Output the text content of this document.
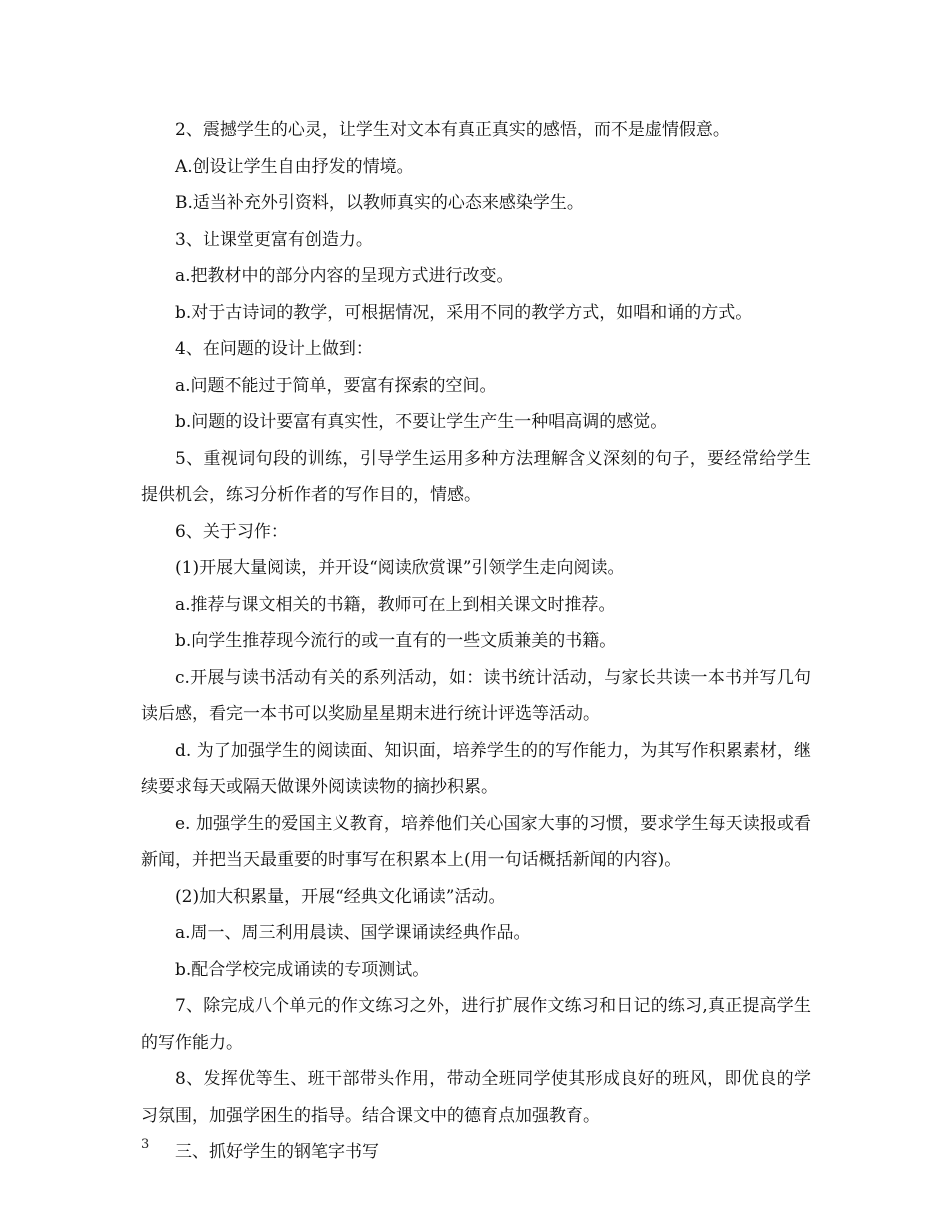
2、震撼学生的心灵，让学生对文本有真正真实的感悟，而不是虚情假意。

A.创设让学生自由抒发的情境。

B.适当补充外引资料，以教师真实的心态来感染学生。

3、让课堂更富有创造力。

a.把教材中的部分内容的呈现方式进行改变。

b.对于古诗词的教学，可根据情况，采用不同的教学方式，如唱和诵的方式。

4、在问题的设计上做到：

a.问题不能过于简单，要富有探索的空间。

b.问题的设计要富有真实性，不要让学生产生一种唱高调的感觉。

5、重视词句段的训练，引导学生运用多种方法理解含义深刻的句子，要经常给学生提供机会，练习分析作者的写作目的，情感。

6、关于习作：

(1)开展大量阅读，并开设“阅读欣赏课”引领学生走向阅读。

a.推荐与课文相关的书籍，教师可在上到相关课文时推荐。

b.向学生推荐现今流行的或一直有的一些文质兼美的书籍。

c.开展与读书活动有关的系列活动，如：读书统计活动，与家长共读一本书并写几句读后感，看完一本书可以奖励星星期末进行统计评选等活动。

d. 为了加强学生的阅读面、知识面，培养学生的的写作能力，为其写作积累素材，继续要求每天或隔天做课外阅读读物的摘抄积累。

e. 加强学生的爱国主义教育，培养他们关心国家大事的习惯，要求学生每天读报或看新闻，并把当天最重要的时事写在积累本上(用一句话概括新闻的内容)。

(2)加大积累量，开展“经典文化诵读”活动。

a.周一、周三利用晨读、国学课诵读经典作品。

b.配合学校完成诵读的专项测试。

7、除完成八个单元的作文练习之外，进行扩展作文练习和日记的练习,真正提高学生的写作能力。

8、发挥优等生、班干部带头作用，带动全班同学使其形成良好的班风，即优良的学习氛围，加强学困生的指导。结合课文中的德育点加强教育。

三、抓好学生的钢笔字书写

3
